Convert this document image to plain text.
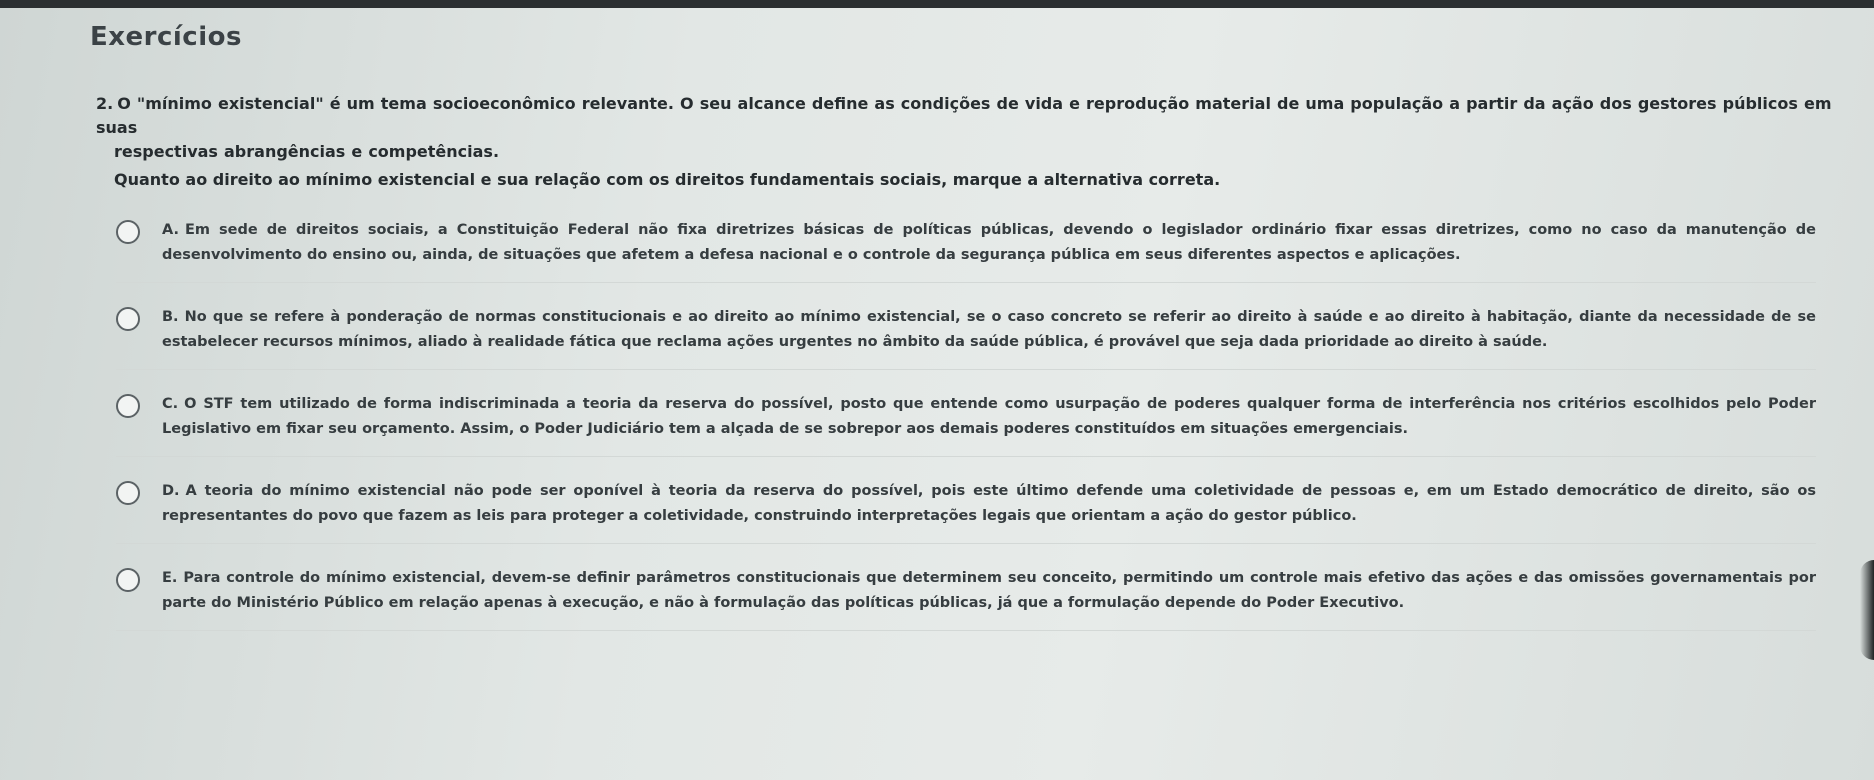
Exercícios

2. O "mínimo existencial" é um tema socioeconômico relevante. O seu alcance define as condições de vida e reprodução material de uma população a partir da ação dos gestores públicos em suas
respectivas abrangências e competências.

Quanto ao direito ao mínimo existencial e sua relação com os direitos fundamentais sociais, marque a alternativa correta.

A. Em sede de direitos sociais, a Constituição Federal não fixa diretrizes básicas de políticas públicas, devendo o legislador ordinário fixar essas diretrizes, como no caso da manutenção de desenvolvimento do ensino ou, ainda, de situações que afetem a defesa nacional e o controle da segurança pública em seus diferentes aspectos e aplicações.
B. No que se refere à ponderação de normas constitucionais e ao direito ao mínimo existencial, se o caso concreto se referir ao direito à saúde e ao direito à habitação, diante da necessidade de se estabelecer recursos mínimos, aliado à realidade fática que reclama ações urgentes no âmbito da saúde pública, é provável que seja dada prioridade ao direito à saúde.
C. O STF tem utilizado de forma indiscriminada a teoria da reserva do possível, posto que entende como usurpação de poderes qualquer forma de interferência nos critérios escolhidos pelo Poder Legislativo em fixar seu orçamento. Assim, o Poder Judiciário tem a alçada de se sobrepor aos demais poderes constituídos em situações emergenciais.
D. A teoria do mínimo existencial não pode ser oponível à teoria da reserva do possível, pois este último defende uma coletividade de pessoas e, em um Estado democrático de direito, são os representantes do povo que fazem as leis para proteger a coletividade, construindo interpretações legais que orientam a ação do gestor público.
E. Para controle do mínimo existencial, devem-se definir parâmetros constitucionais que determinem seu conceito, permitindo um controle mais efetivo das ações e das omissões governamentais por parte do Ministério Público em relação apenas à execução, e não à formulação das políticas públicas, já que a formulação depende do Poder Executivo.
